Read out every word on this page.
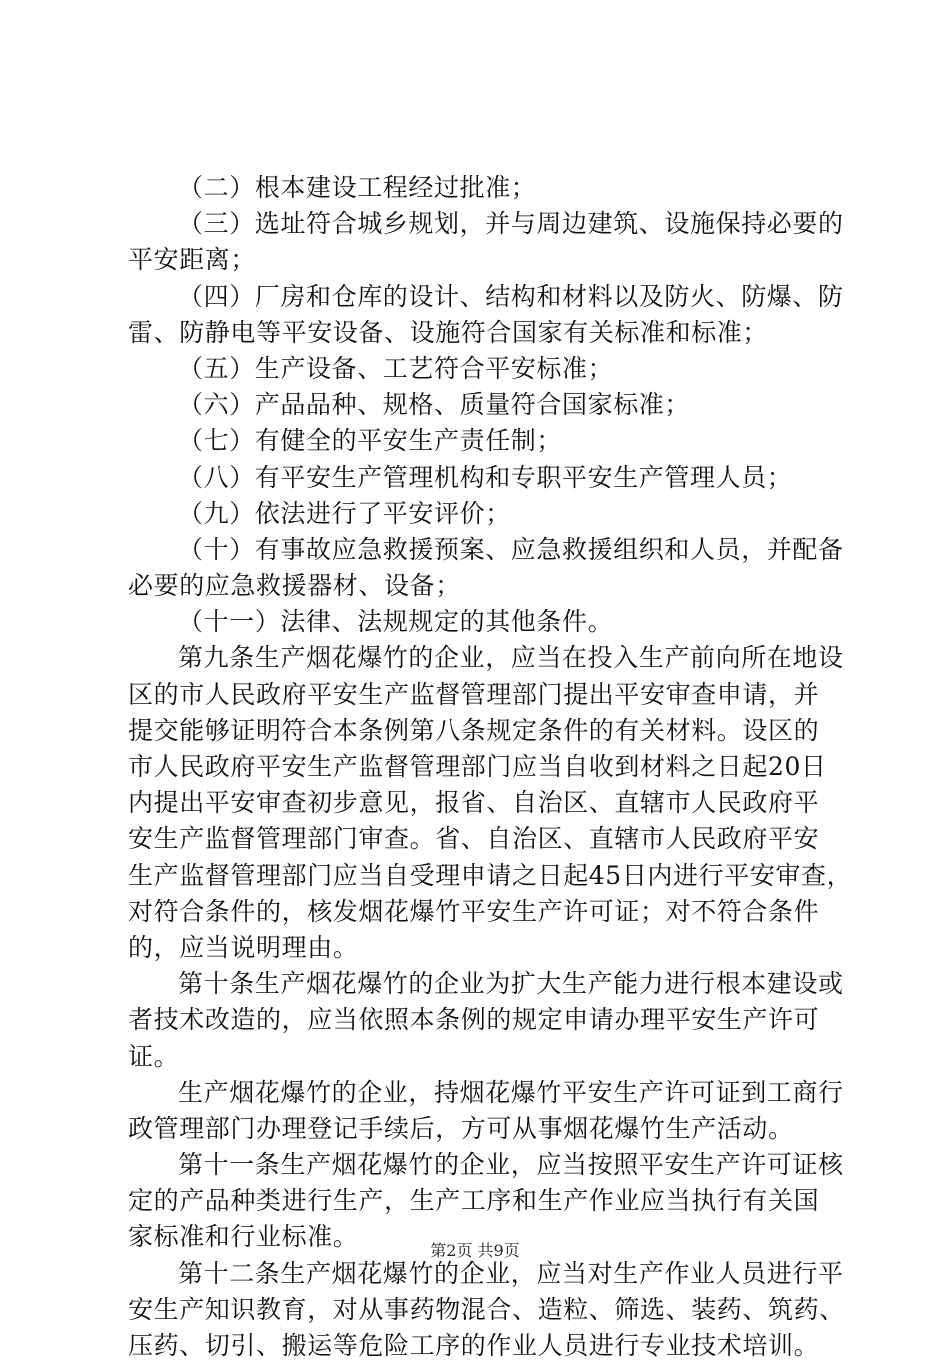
（二）根本建设工程经过批准；
（三）选址符合城乡规划，并与周边建筑、设施保持必要的
平安距离；
（四）厂房和仓库的设计、结构和材料以及防火、防爆、防
雷、防静电等平安设备、设施符合国家有关标准和标准；
（五）生产设备、工艺符合平安标准；
（六）产品品种、规格、质量符合国家标准；
（七）有健全的平安生产责任制；
（八）有平安生产管理机构和专职平安生产管理人员；
（九）依法进行了平安评价；
（十）有事故应急救援预案、应急救援组织和人员，并配备
必要的应急救援器材、设备；
（十一）法律、法规规定的其他条件。
第九条生产烟花爆竹的企业，应当在投入生产前向所在地设
区的市人民政府平安生产监督管理部门提出平安审查申请，并
提交能够证明符合本条例第八条规定条件的有关材料。设区的
市人民政府平安生产监督管理部门应当自收到材料之日起20日
内提出平安审查初步意见，报省、自治区、直辖市人民政府平
安生产监督管理部门审查。省、自治区、直辖市人民政府平安
生产监督管理部门应当自受理申请之日起45日内进行平安审查，
对符合条件的，核发烟花爆竹平安生产许可证；对不符合条件
的，应当说明理由。
第十条生产烟花爆竹的企业为扩大生产能力进行根本建设或
者技术改造的，应当依照本条例的规定申请办理平安生产许可
证。
生产烟花爆竹的企业，持烟花爆竹平安生产许可证到工商行
政管理部门办理登记手续后，方可从事烟花爆竹生产活动。
第十一条生产烟花爆竹的企业，应当按照平安生产许可证核
定的产品种类进行生产，生产工序和生产作业应当执行有关国
家标准和行业标准。
第十二条生产烟花爆竹的企业，应当对生产作业人员进行平
安生产知识教育，对从事药物混合、造粒、筛选、装药、筑药、
压药、切引、搬运等危险工序的作业人员进行专业技术培训。
第2页 共9页
